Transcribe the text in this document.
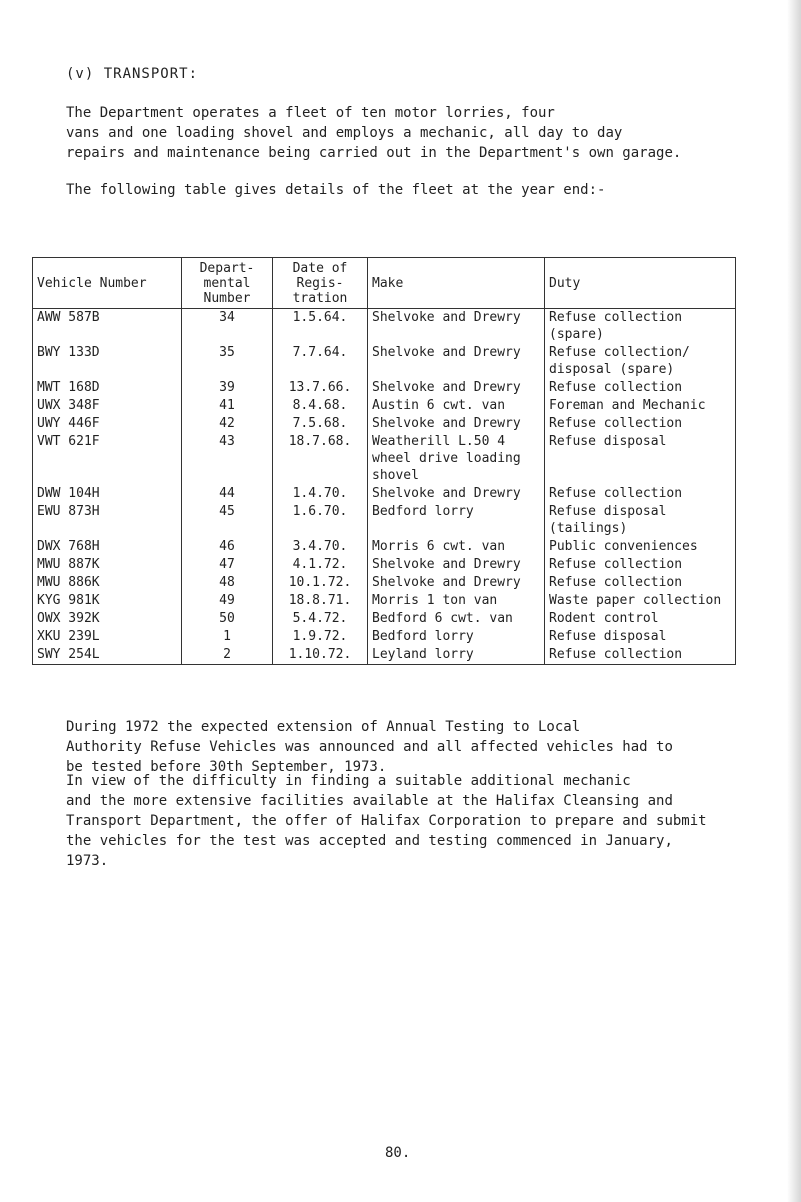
(v) TRANSPORT:
The Department operates a fleet of ten motor lorries, four
vans and one loading shovel and employs a mechanic, all day to day
repairs and maintenance being carried out in the Department's own garage.
The following table gives details of the fleet at the year end:-
Vehicle Number	Depart- mental Number	Date of Regis- tration	Make	Duty
AWW 587B	34	1.5.64.	Shelvoke and Drewry	Refuse collection (spare)
BWY 133D	35	7.7.64.	Shelvoke and Drewry	Refuse collection/ disposal (spare)
MWT 168D	39	13.7.66.	Shelvoke and Drewry	Refuse collection
UWX 348F	41	8.4.68.	Austin 6 cwt. van	Foreman and Mechanic
UWY 446F	42	7.5.68.	Shelvoke and Drewry	Refuse collection
VWT 621F	43	18.7.68.	Weatherill L.50 4 wheel drive loading shovel	Refuse disposal
DWW 104H	44	1.4.70.	Shelvoke and Drewry	Refuse collection
EWU 873H	45	1.6.70.	Bedford lorry	Refuse disposal (tailings)
DWX 768H	46	3.4.70.	Morris 6 cwt. van	Public conveniences
MWU 887K	47	4.1.72.	Shelvoke and Drewry	Refuse collection
MWU 886K	48	10.1.72.	Shelvoke and Drewry	Refuse collection
KYG 981K	49	18.8.71.	Morris 1 ton van	Waste paper collection
OWX 392K	50	5.4.72.	Bedford 6 cwt. van	Rodent control
XKU 239L	1	1.9.72.	Bedford lorry	Refuse disposal
SWY 254L	2	1.10.72.	Leyland lorry	Refuse collection
During 1972 the expected extension of Annual Testing to Local
Authority Refuse Vehicles was announced and all affected vehicles had to
be tested before 30th September, 1973.
In view of the difficulty in finding a suitable additional mechanic
and the more extensive facilities available at the Halifax Cleansing and
Transport Department, the offer of Halifax Corporation to prepare and submit
the vehicles for the test was accepted and testing commenced in January,
1973.
80.
